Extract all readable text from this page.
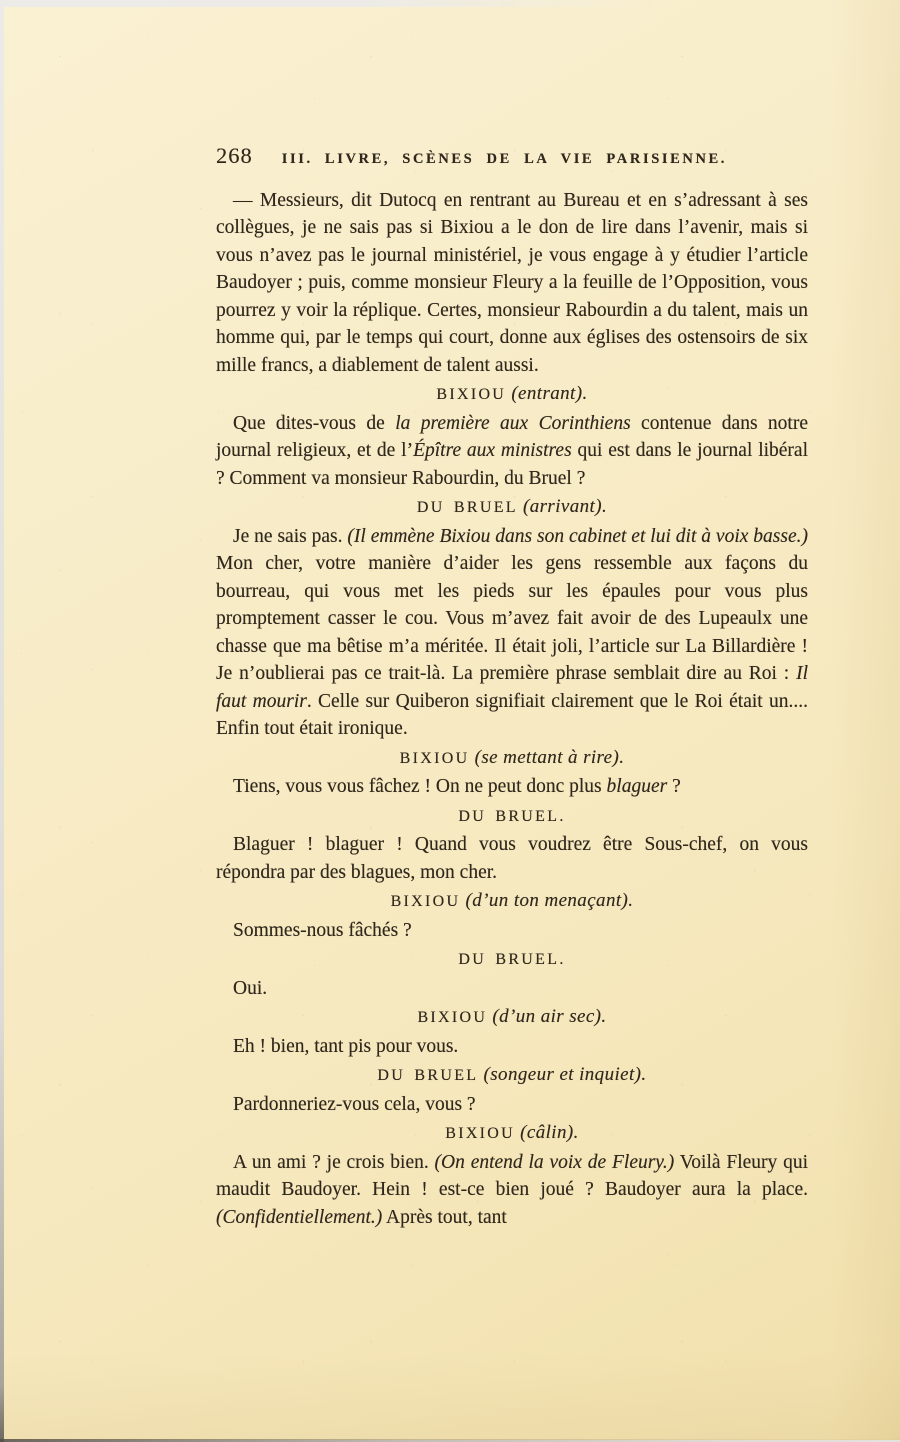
268 III. LIVRE, SCÈNES DE LA VIE PARISIENNE.

— Messieurs, dit Dutocq en rentrant au Bureau et en s’adressant à ses collègues, je ne sais pas si Bixiou a le don de lire dans l’avenir, mais si vous n’avez pas le journal ministériel, je vous engage à y étudier l’article Baudoyer ; puis, comme monsieur Fleury a la feuille de l’Opposition, vous pourrez y voir la réplique. Certes, monsieur Rabourdin a du talent, mais un homme qui, par le temps qui court, donne aux églises des ostensoirs de six mille francs, a diablement de talent aussi.

BIXIOU (entrant).

Que dites-vous de la première aux Corinthiens contenue dans notre journal religieux, et de l’Épître aux ministres qui est dans le journal libéral ? Comment va monsieur Rabourdin, du Bruel ?

DU BRUEL (arrivant).

Je ne sais pas. (Il emmène Bixiou dans son cabinet et lui dit à voix basse.) Mon cher, votre manière d’aider les gens ressemble aux façons du bourreau, qui vous met les pieds sur les épaules pour vous plus promptement casser le cou. Vous m’avez fait avoir de des Lupeaulx une chasse que ma bêtise m’a méritée. Il était joli, l’article sur La Billardière ! Je n’oublierai pas ce trait-là. La première phrase semblait dire au Roi : Il faut mourir. Celle sur Quiberon signifiait clairement que le Roi était un.... Enfin tout était ironique.

BIXIOU (se mettant à rire).

Tiens, vous vous fâchez ! On ne peut donc plus blaguer ?

DU BRUEL.

Blaguer ! blaguer ! Quand vous voudrez être Sous-chef, on vous répondra par des blagues, mon cher.

BIXIOU (d’un ton menaçant).

Sommes-nous fâchés ?

DU BRUEL.

Oui.

BIXIOU (d’un air sec).

Eh ! bien, tant pis pour vous.

DU BRUEL (songeur et inquiet).

Pardonneriez-vous cela, vous ?

BIXIOU (câlin).

A un ami ? je crois bien. (On entend la voix de Fleury.) Voilà Fleury qui maudit Baudoyer. Hein ! est-ce bien joué ? Baudoyer aura la place. (Confidentiellement.) Après tout, tant
